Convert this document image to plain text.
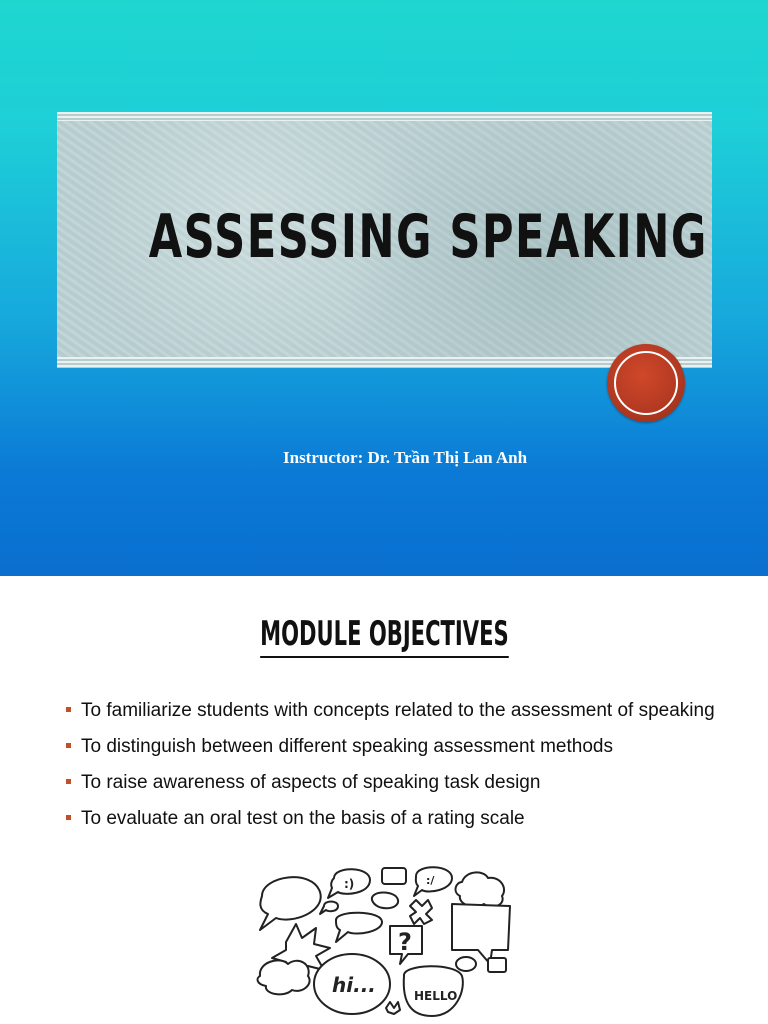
ASSESSING SPEAKING
Instructor: Dr. Trần Thị Lan Anh
MODULE OBJECTIVES
To familiarize students with concepts related to the assessment of speaking
To distinguish between different speaking assessment methods
To raise awareness of aspects of speaking task design
To evaluate an oral test on the basis of a rating scale
:)	:/
?
hi...	HELLO
